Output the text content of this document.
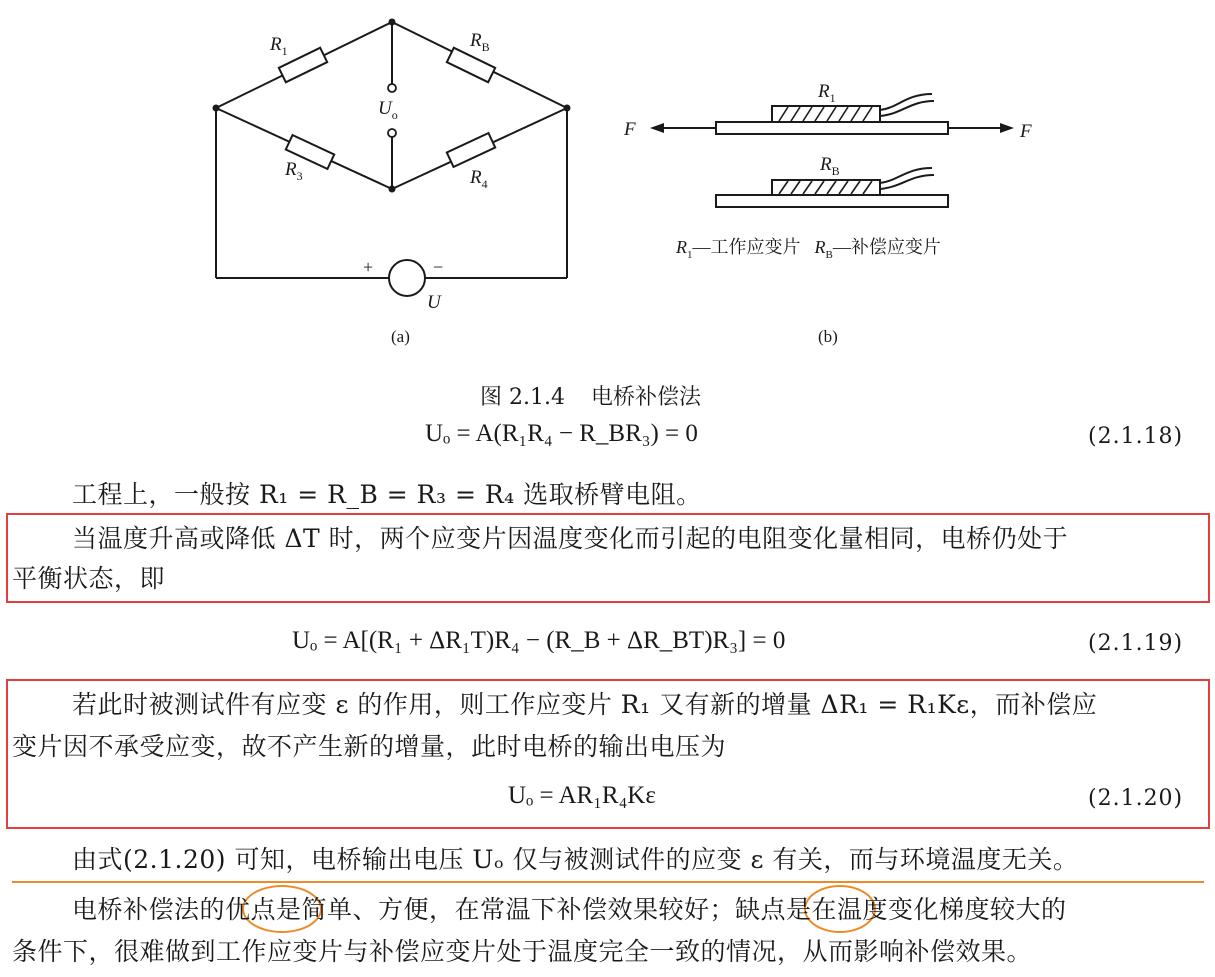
$R_1$	$R_B$
$R_3$	$R_4$
$U_o$
+	−
U
(a)
F	F
$R_1$
$R_B$
$R_1—$工作应变片 $R_B—$补偿应变片
(b)
图 2.1.4 电桥补偿法
Uₒ = A(R₁R₄ − R_BR₃) = 0	(2.1.18)
工程上，一般按 R₁ = R_B = R₃ = R₄ 选取桥臂电阻。
当温度升高或降低 ΔT 时，两个应变片因温度变化而引起的电阻变化量相同，电桥仍处于
平衡状态，即
Uₒ = A[(R₁ + ΔR₁T)R₄ − (R_B + ΔR_BT)R₃] = 0	(2.1.19)
若此时被测试件有应变 ε 的作用，则工作应变片 R₁ 又有新的增量 ΔR₁ = R₁Kε，而补偿应
变片因不承受应变，故不产生新的增量，此时电桥的输出电压为
Uₒ = AR₁R₄Kε	(2.1.20)
由式(2.1.20) 可知，电桥输出电压 Uₒ 仅与被测试件的应变 ε 有关，而与环境温度无关。
电桥补偿法的优点是简单、方便，在常温下补偿效果较好；缺点是在温度变化梯度较大的
条件下，很难做到工作应变片与补偿应变片处于温度完全一致的情况，从而影响补偿效果。
